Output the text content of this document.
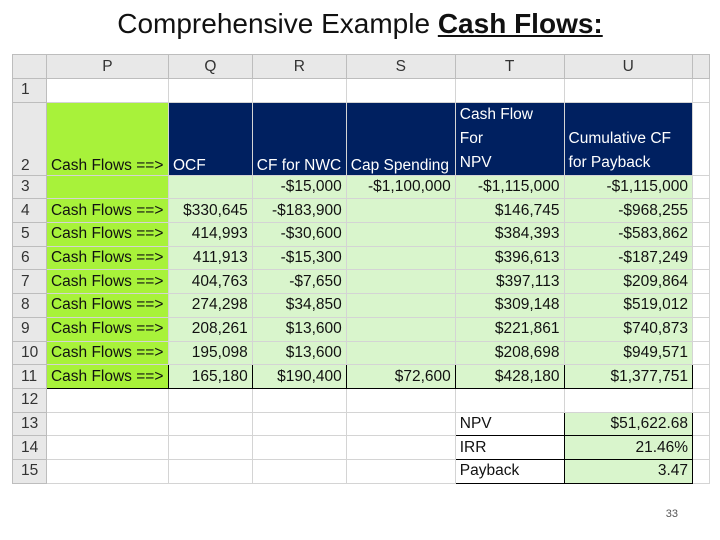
Comprehensive Example Cash Flows:
	P	Q	R	S	T	U	
1							
2	Cash Flows ==>	OCF	CF for NWC	Cap Spending	Cash Flow For
NPV	Cumulative CF
for Payback	

3			-$15,000	-$1,100,000	-$1,115,000	-$1,115,000	
4	Cash Flows ==>	$330,645	-$183,900		$146,745	-$968,255	
5	Cash Flows ==>	414,993	-$30,600		$384,393	-$583,862	
6	Cash Flows ==>	411,913	-$15,300		$396,613	-$187,249	
7	Cash Flows ==>	404,763	-$7,650		$397,113	$209,864	
8	Cash Flows ==>	274,298	$34,850		$309,148	$519,012	
9	Cash Flows ==>	208,261	$13,600		$221,861	$740,873	
10	Cash Flows ==>	195,098	$13,600		$208,698	$949,571	
11	Cash Flows ==>	165,180	$190,400	$72,600	$428,180	$1,377,751	
12							
13					NPV	$51,622.68	
14					IRR	21.46%	
15					Payback	3.47	
33
